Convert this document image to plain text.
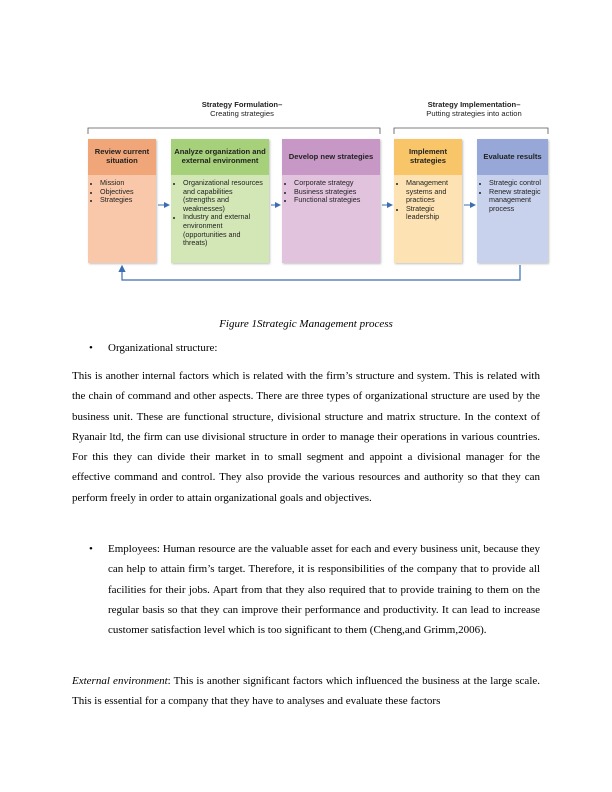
Strategy Formulation–
Creating strategies
Strategy Implementation–
Putting strategies into action
Review current situation
• Mission
• Objectives
• Strategies
Analyze organization and external environment
• Organizational resources and capabilities (strengths and weaknesses)
• Industry and external environment (opportunities and threats)
Develop new strategies
• Corporate strategy
• Business strategies
• Functional strategies
Implement strategies
• Management systems and practices
• Strategic leadership
Evaluate results
• Strategic control
• Renew strategic management process
Figure 1Strategic Management process
• Organizational structure:

This is another internal factors which is related with the firm’s structure and system. This is related with the chain of command and other aspects. There are three types of organizational structure are used by the business unit. These are functional structure, divisional structure and matrix structure. In the context of Ryanair ltd, the firm can use divisional structure in order to manage their operations in various countries. For this they can divide their market in to small segment and appoint a divisional manager for the effective command and control. They also provide the various resources and authority so that they can perform freely in order to attain organizational goals and objectives.

• Employees: Human resource are the valuable asset for each and every business unit, because they can help to attain firm’s target. Therefore, it is responsibilities of the company that to provide all facilities for their jobs. Apart from that they also required that to provide training to them on the regular basis so that they can improve their performance and productivity. It can lead to increase customer satisfaction level which is too significant to them (Cheng,and Grimm,2006).

External environment: This is another significant factors which influenced the business at the large scale. This is essential for a company that they have to analyses and evaluate these factors
